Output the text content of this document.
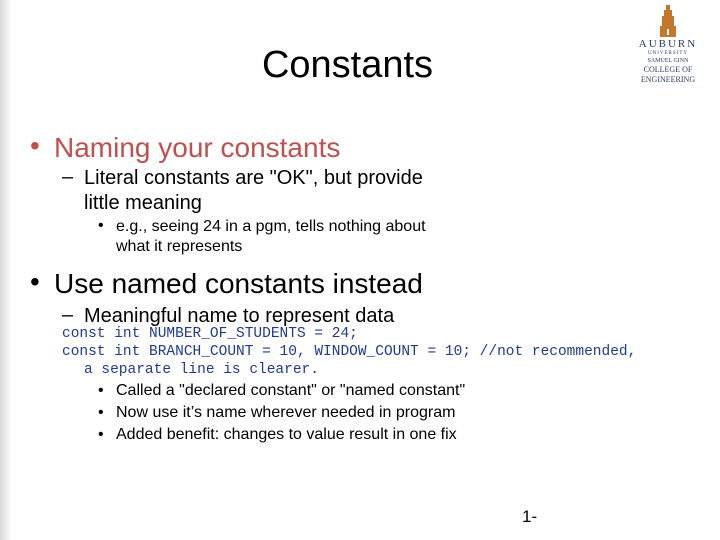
Constants	AUBURN
UNIVERSITY
SAMUEL GINN
COLLEGE OF ENGINEERING
• Naming your constants
– Literal constants are "OK", but provide
little meaning
• e.g., seeing 24 in a pgm, tells nothing about
what it represents
• Use named constants instead
– Meaningful name to represent data
const int NUMBER_OF_STUDENTS = 24;
const int BRANCH_COUNT = 10, WINDOW_COUNT = 10; //not recommended,
a separate line is clearer.
• Called a "declared constant" or "named constant"
• Now use it’s name wherever needed in program
• Added benefit: changes to value result in one fix
1-
